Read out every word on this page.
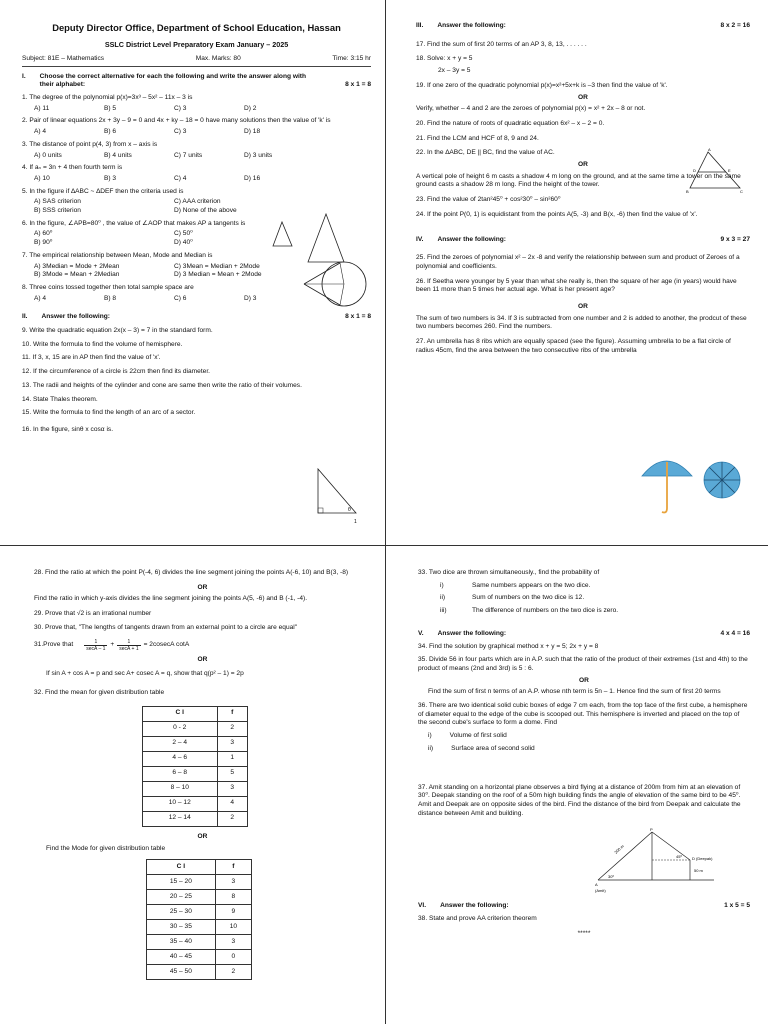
Deputy Director Office, Department of School Education, Hassan
SSLC District Level Preparatory Exam January – 2025
Subject: 81E – Mathematics	Max. Marks: 80	Time: 3:15 hr
I. Choose the correct alternative for each the following and write the answer along with their alphabet:	8 x 1 = 8
1. The degree of the polynomial p(x)=3x³ – 5x² – 11x – 3 is
A) 11	B) 5	C) 3	D) 2
2. Pair of linear equations 2x + 3y – 9 = 0 and 4x + ky – 18 = 0 have many solutions then the value of 'k' is
A) 4	B) 6	C) 3	D) 18
3. The distance of point p(4, 3) from x – axis is
A) 0 units	B) 4 units	C) 7 units	D) 3 units
4. If aₙ = 3n + 4 then fourth term is
A) 10	B) 3	C) 4	D) 16
5. In the figure if ∆ABC ~ ∆DEF then the criteria used is
A) SAS criterion	C) AAA criterion
B) SSS criterion	D) None of the above
6. In the figure, ∠APB=80⁰ , the value of ∠AOP that makes AP a tangents is
A) 60⁰	C) 50⁰
B) 90⁰	D) 40⁰
7. The empirical relationship between Mean, Mode and Median is
A) 3Median = Mode + 2Mean	C) 3Mean = Median + 2Mode
B) 3Mode = Mean + 2Median	D) 3 Median = Mean + 2Mode
8. Three coins tossed together then total sample space are
A) 4	B) 8	C) 6	D) 3
II. Answer the following:	8 x 1 = 8
9. Write the quadratic equation 2x(x – 3) = 7 in the standard form.
10. Write the formula to find the volume of hemisphere.
11. If 3, x, 15 are in AP then find the value of 'x'.
12. If the circumference of a circle is 22cm then find its diameter.
13. The radii and heights of the cylinder and cone are same then write the ratio of their volumes.
14. State Thales theorem.
15. Write the formula to find the length of an arc of a sector.
16. In the figure, sinθ x cosα is.
θ
1
III. Answer the following:	8 x 2 = 16
17. Find the sum of first 20 terms of an AP 3, 8, 13, . . . . . .
18. Solve: x + y = 5
2x – 3y = 5
19. If one zero of the quadratic polynomial p(x)=x²+5x+k is –3 then find the value of 'k'.
OR
Verify, whether – 4 and 2 are the zeroes of polynomial p(x) = x² + 2x – 8 or not.
20. Find the nature of roots of quadratic equation 6x² – x – 2 = 0.
21. Find the LCM and HCF of 8, 9 and 24.
22. In the ∆ABC, DE || BC, find the value of AC.
OR
A vertical pole of height 6 m casts a shadow 4 m long on the ground, and at the same time a tower on the same ground casts a shadow 28 m long. Find the height of the tower.
23. Find the value of 2tan²45⁰ + cos²30⁰ – sin²60⁰
24. If the point P(0, 1) is equidistant from the points A(5, -3) and B(x, -6) then find the value of 'x'.
IV. Answer the following:	9 x 3 = 27
25. Find the zeroes of polynomial x² – 2x -8 and verify the relationship between sum and product of Zeroes of a polynomial and coefficients.
26. If Seetha were younger by 5 year than what she really is, then the square of her age (in years) would have been 11 more than 5 times her actual age. What is her present age?
OR
The sum of two numbers is 34. If 3 is subtracted from one number and 2 is added to another, the prodcut of these two numbers becomes 260. Find the numbers.
27. An umbrella has 8 ribs which are equally spaced (see the figure). Assuming umbrella to be a flat circle of radius 45cm, find the area between the two consecutive ribs of the umbrella
A
D	E
B	C
28. Find the ratio at which the point P(-4, 6) divides the line segment joining the points A(-6, 10) and B(3, -8)
OR
Find the ratio in which y-axis divides the line segment joining the points A(5, -6) and B (-1, -4).
29. Prove that √2 is an irrational number
30. Prove that, "The lengths of tangents drawn from an external point to a circle are equal"
31.Prove that	1
secA – 1
+	1
secA + 1
= 2cosecA cotA
OR
If sin A + cos A = p and sec A+ cosec A = q, show that q(p² – 1) = 2p
32. Find the mean for given distribution table
C I	f
0 - 2	2
2 – 4	3
4 – 6	1
6 – 8	5
8 – 10	3
10 – 12	4
12 – 14	2
OR
Find the Mode for given distribution table
C I	f
15 – 20	3
20 – 25	8
25 – 30	9
30 – 35	10
35 – 40	3
40 – 45	0
45 – 50	2
33. Two dice are thrown simultaneously., find the probability of
i)	Same numbers appears on the two dice.
ii)	Sum of numbers on the two dice is 12.
iii)	The difference of numbers on the two dice is zero.
V. Answer the following:	4 x 4 = 16
34. Find the solution by graphical method x + y = 5; 2x + y = 8
35. Divide 56 in four parts which are in A.P. such that the ratio of the product of their extremes (1st and 4th) to the product of means (2nd and 3rd) is 5 : 6.
OR
Find the sum of first n terms of an A.P. whose nth term is 5n – 1. Hence find the sum of first 20 terms
36. There are two identical solid cubic boxes of edge 7 cm each, from the top face of the first cube, a hemisphere of diameter equal to the edge of the cube is scooped out. This hemisphere is inverted and placed on the top of the second cube's surface to form a dome. Find
i)	Volume of first solid
ii)	Surface area of second solid
37. Amit standing on a horizontal plane observes a bird flying at a distance of 200m from him at an elevation of 30⁰. Deepak standing on the roof of a 50m high building finds the angle of elevation of the same bird to be 45⁰. Amit and Deepak are on opposite sides of the bird. Find the distance of the bird from Deepak and calculate the distance between Amit and building.
P
A
(Amit)
30⁰
45⁰ D (Deepak)
50 m
200 m
VI. Answer the following:	1 x 5 = 5
38. State and prove AA criterion theorem
*****
